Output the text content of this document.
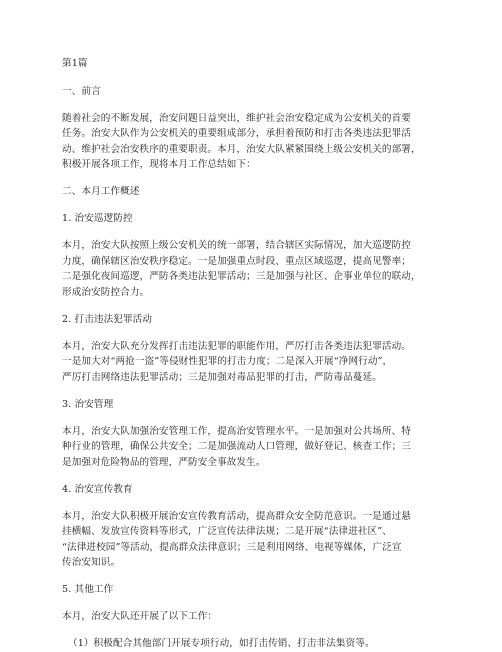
第1篇
一、前言
随着社会的不断发展，治安问题日益突出，维护社会治安稳定成为公安机关的首要
任务。治安大队作为公安机关的重要组成部分，承担着预防和打击各类违法犯罪活
动、维护社会治安秩序的重要职责。本月，治安大队紧紧围绕上级公安机关的部署，
积极开展各项工作，现将本月工作总结如下：
二、本月工作概述
1. 治安巡逻防控
本月，治安大队按照上级公安机关的统一部署，结合辖区实际情况，加大巡逻防控
力度，确保辖区治安秩序稳定。一是加强重点时段、重点区域巡逻，提高见警率；
二是强化夜间巡逻，严防各类违法犯罪活动；三是加强与社区、企事业单位的联动，
形成治安防控合力。
2. 打击违法犯罪活动
本月，治安大队充分发挥打击违法犯罪的职能作用，严厉打击各类违法犯罪活动。
一是加大对“两抢一盗”等侵财性犯罪的打击力度；二是深入开展“净网行动”，
严厉打击网络违法犯罪活动；三是加强对毒品犯罪的打击，严防毒品蔓延。
3. 治安管理
本月，治安大队加强治安管理工作，提高治安管理水平。一是加强对公共场所、特
种行业的管理，确保公共安全；二是加强流动人口管理，做好登记、核查工作；三
是加强对危险物品的管理，严防安全事故发生。
4. 治安宣传教育
本月，治安大队积极开展治安宣传教育活动，提高群众安全防范意识。一是通过悬
挂横幅、发放宣传资料等形式，广泛宣传法律法规；二是开展“法律进社区”、
“法律进校园”等活动，提高群众法律意识；三是利用网络、电视等媒体，广泛宣
传治安知识。
5. 其他工作
本月，治安大队还开展了以下工作：
（1）积极配合其他部门开展专项行动，如打击传销、打击非法集资等。
